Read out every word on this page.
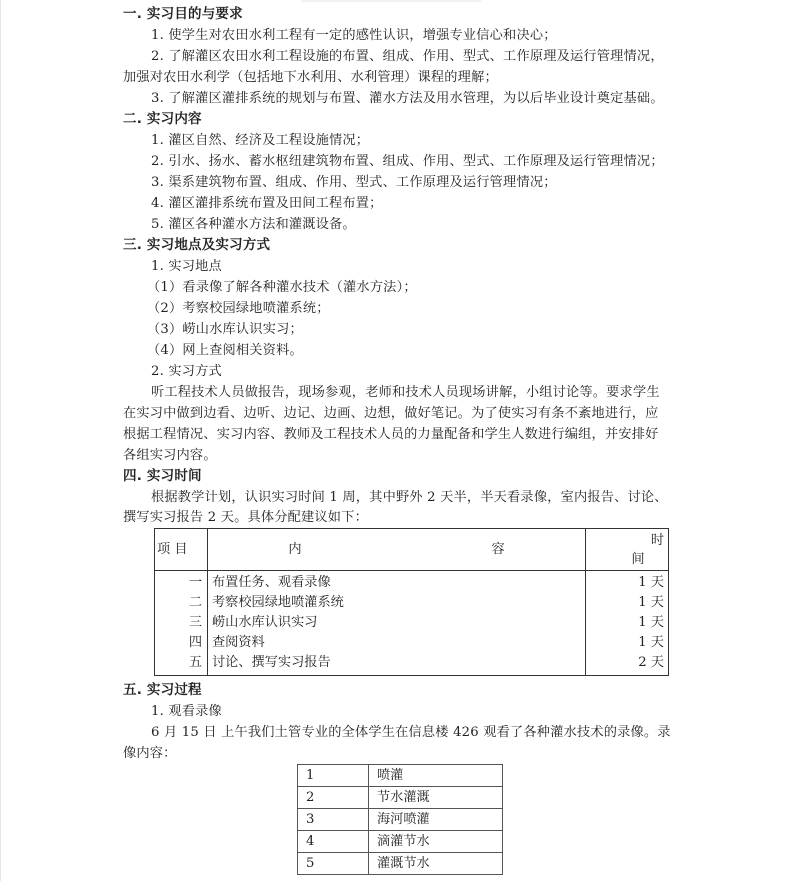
一. 实习目的与要求
1. 使学生对农田水利工程有一定的感性认识，增强专业信心和决心；
2. 了解灌区农田水利工程设施的布置、组成、作用、型式、工作原理及运行管理情况，
加强对农田水利学（包括地下水利用、水利管理）课程的理解；
3. 了解灌区灌排系统的规划与布置、灌水方法及用水管理，为以后毕业设计奠定基础。
二. 实习内容
1. 灌区自然、经济及工程设施情况；
2. 引水、扬水、蓄水枢纽建筑物布置、组成、作用、型式、工作原理及运行管理情况；
3. 渠系建筑物布置、组成、作用、型式、工作原理及运行管理情况；
4. 灌区灌排系统布置及田间工程布置；
5. 灌区各种灌水方法和灌溉设备。
三. 实习地点及实习方式
1. 实习地点
（1）看录像了解各种灌水技术（灌水方法）；
（2）考察校园绿地喷灌系统；
（3）崂山水库认识实习；
（4）网上查阅相关资料。
2. 实习方式
听工程技术人员做报告，现场参观，老师和技术人员现场讲解，小组讨论等。要求学生
在实习中做到边看、边听、边记、边画、边想，做好笔记。为了使实习有条不紊地进行，应
根据工程情况、实习内容、教师及工程技术人员的力量配备和学生人数进行编组，并安排好
各组实习内容。
四. 实习时间
根据教学计划，认识实习时间 1 周，其中野外 2 天半，半天看录像，室内报告、讨论、
撰写实习报告 2 天。具体分配建议如下：
项 目	内 容	时
间

一	布置任务、观看录像	1 天
二	考察校园绿地喷灌系统	1 天
三	崂山水库认识实习	1 天
四	查阅资料	1 天
五	讨论、撰写实习报告	2 天
五. 实习过程
1. 观看录像
6 月 15 日 上午我们土管专业的全体学生在信息楼 426 观看了各种灌水技术的录像。录
像内容：
1	喷灌
2	节水灌溉
3	海河喷灌
4	滴灌节水
5	灌溉节水
